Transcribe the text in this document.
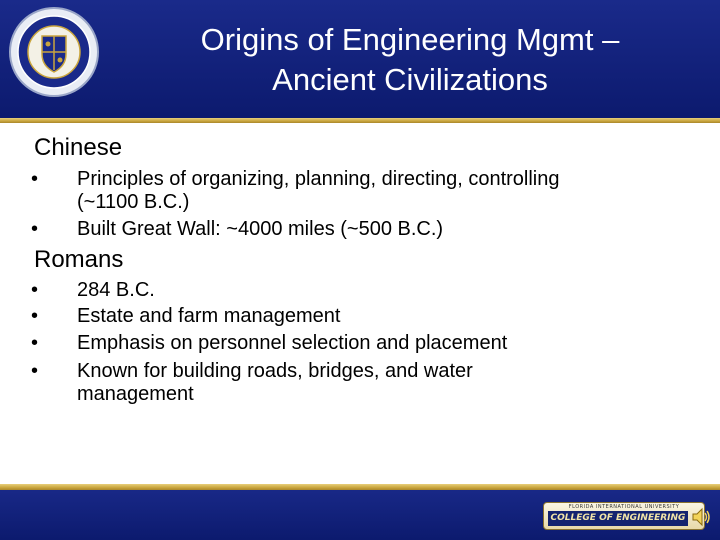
Origins of Engineering Mgmt –
Ancient Civilizations
Chinese
• Principles of organizing, planning, directing, controlling
(~1100 B.C.)
• Built Great Wall: ~4000 miles (~500 B.C.)
Romans
• 284 B.C.
• Estate and farm management
• Emphasis on personnel selection and placement
• Known for building roads, bridges, and water
management
FLORIDA INTERNATIONAL UNIVERSITY
COLLEGE OF ENGINEERING
